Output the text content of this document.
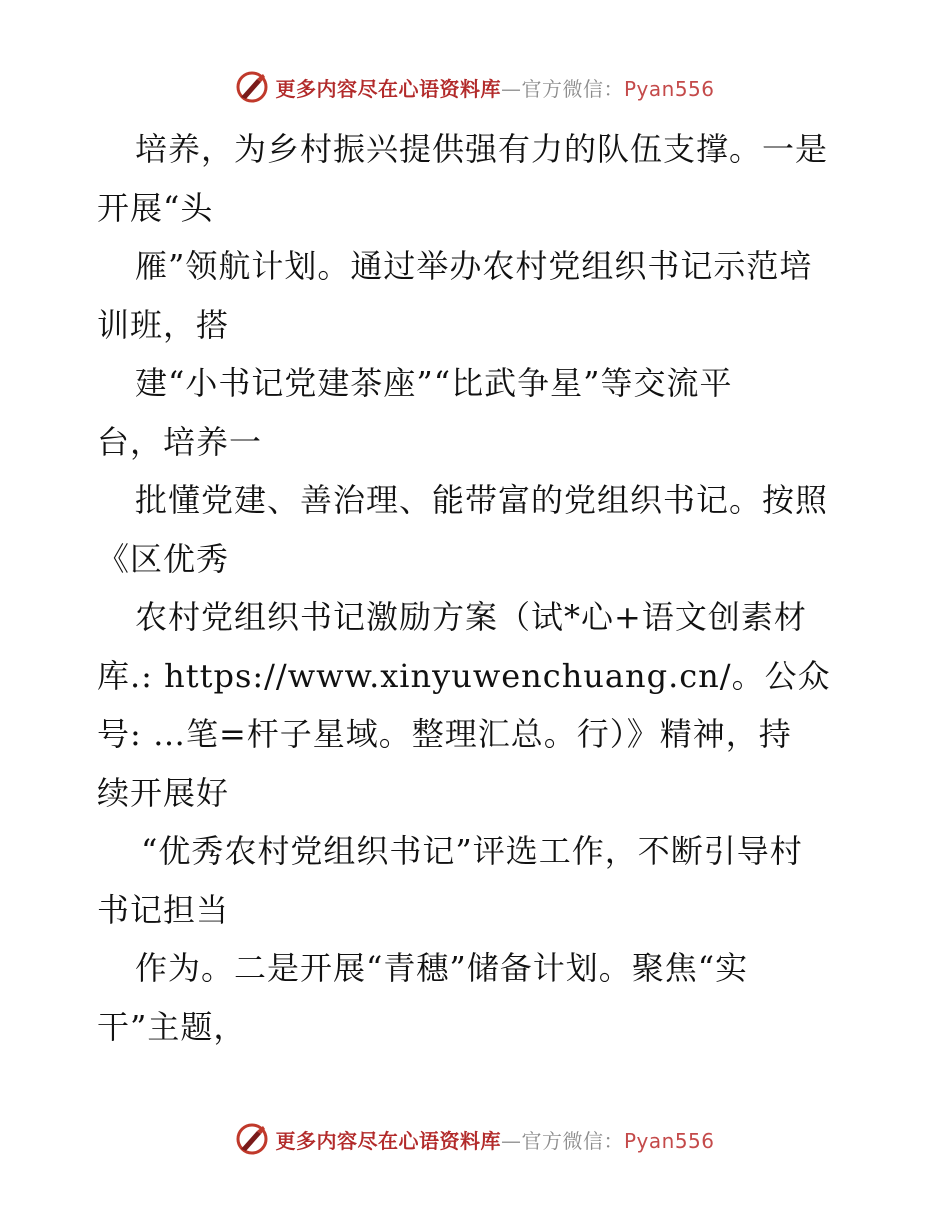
更多内容尽在心语资料库—官方微信：Pyan556
培养，为乡村振兴提供强有力的队伍支撑。一是
开展“头
雁”领航计划。通过举办农村党组织书记示范培
训班，搭
建“小书记党建茶座”“比武争星”等交流平
台，培养一
批懂党建、善治理、能带富的党组织书记。按照
《区优秀
农村党组织书记激励方案（试*心+语文创素材
库.: https://www.xinyuwenchuang.cn/。公众
号: …笔=杆子星域。整理汇总。行）》精神，持
续开展好
“优秀农村党组织书记”评选工作，不断引导村
书记担当
作为。二是开展“青穗”储备计划。聚焦“实
干”主题，
更多内容尽在心语资料库—官方微信：Pyan556
